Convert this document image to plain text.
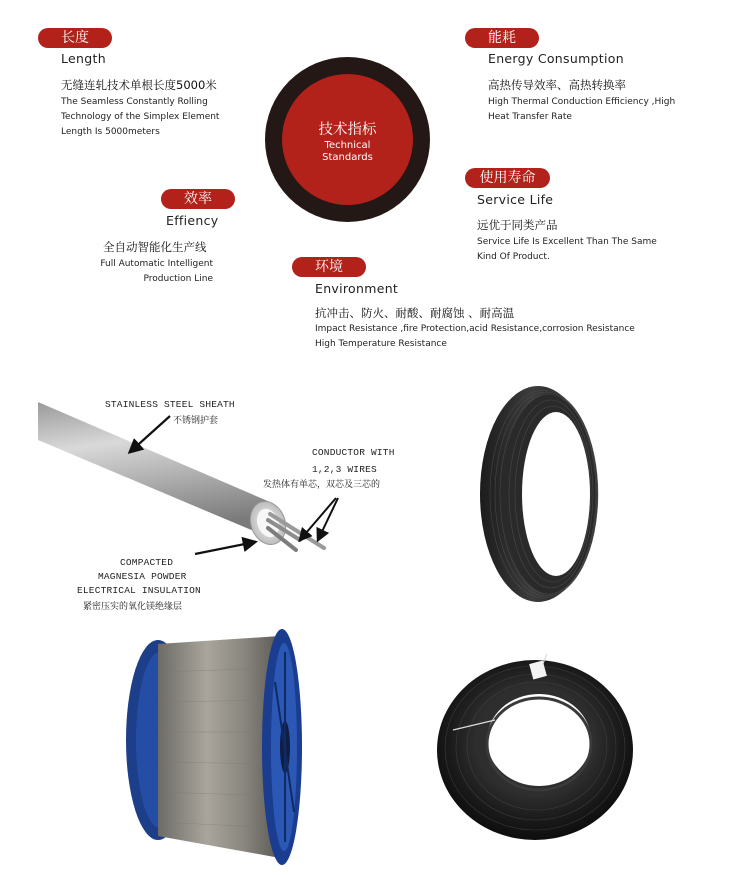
技术指标
Technical
Standards
长度
Length
无缝连轧技术单根长度5000米
The Seamless Constantly Rolling
Technology of the Simplex Element
Length Is 5000meters
能耗
Energy Consumption
高热传导效率、高热转换率
High Thermal Conduction Efficiency ,High
Heat Transfer Rate
效率
Effiency
全自动智能化生产线
Full Automatic Intelligent
Production Line
使用寿命
Service Life
远优于同类产品
Service Life Is Excellent Than The Same
Kind Of Product.
环境
Environment
抗冲击、防火、耐酸、耐腐蚀 、耐高温
Impact Resistance ,fire Protection,acid Resistance,corrosion Resistance
High Temperature Resistance
STAINLESS STEEL SHEATH
不锈钢护套
CONDUCTOR WITH
1,2,3 WIRES
发热体有单芯，双芯及三芯的
COMPACTED
MAGNESIA POWDER
ELECTRICAL INSULATION
紧密压实的氧化镁绝缘层
